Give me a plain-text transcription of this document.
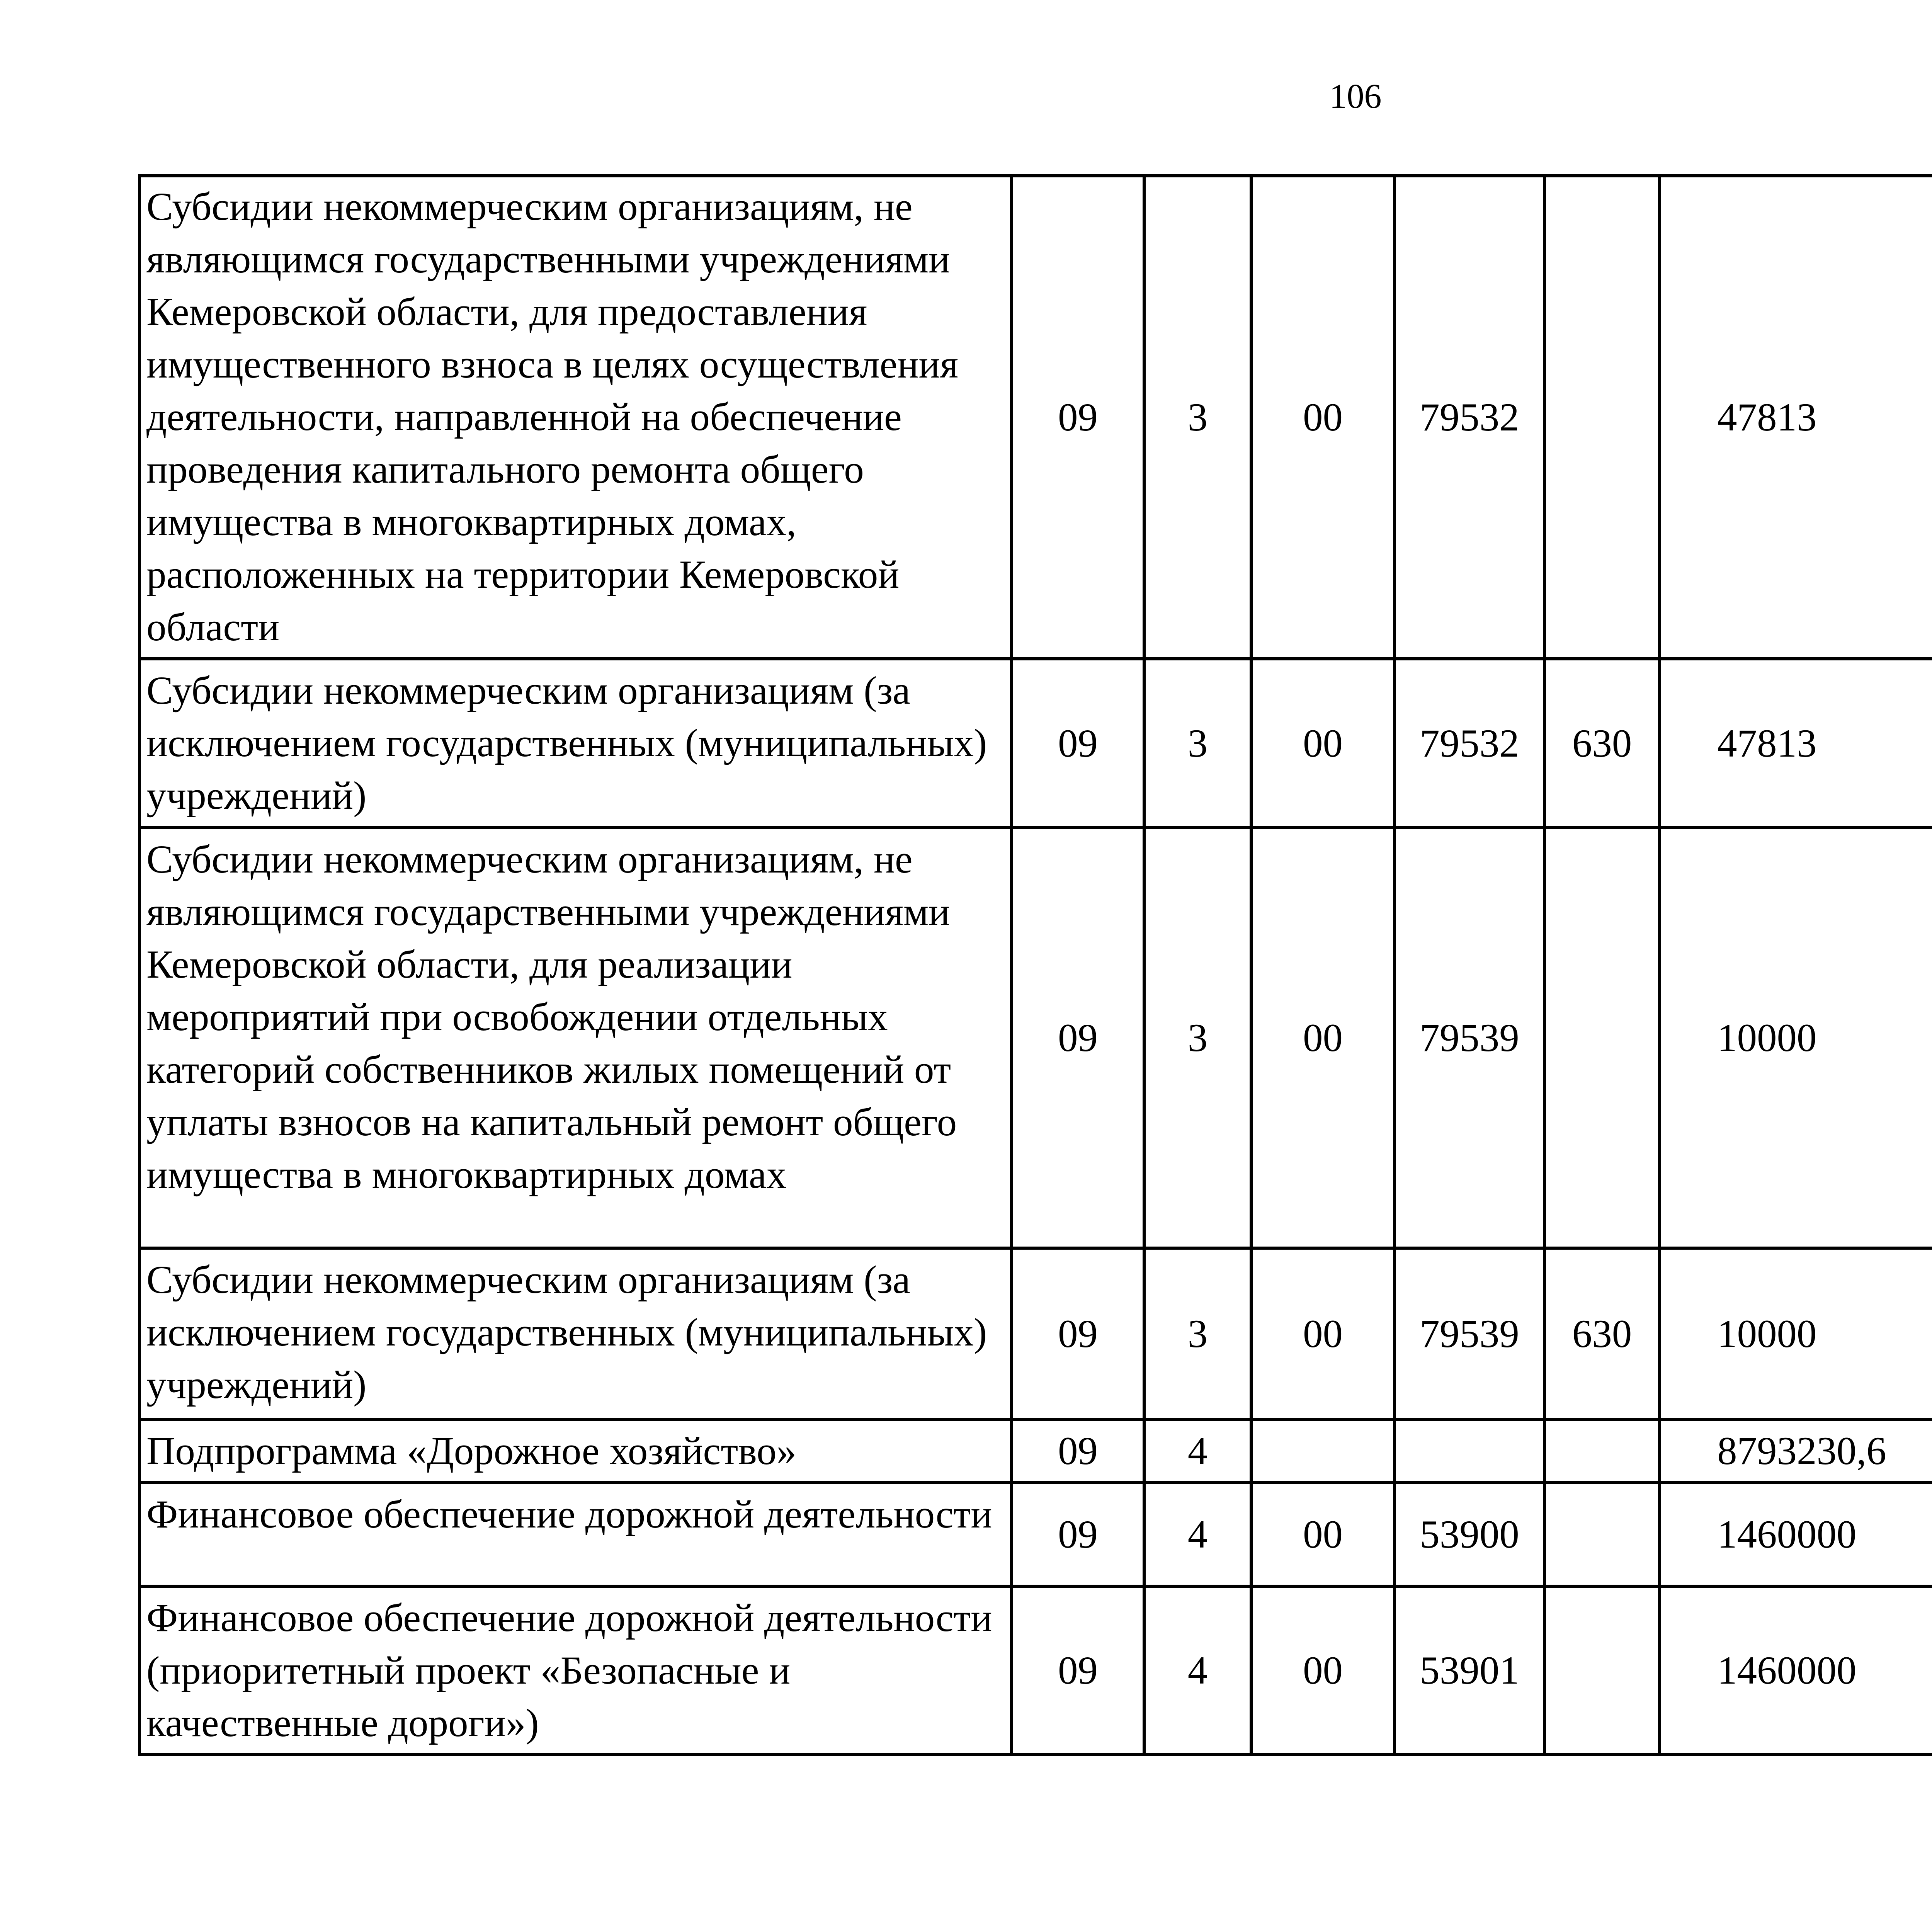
106
Субсидии некоммерческим организациям, не являющимся государственными учреждениями Кемеровской области, для предоставления имущественного взноса в целях осуществления деятельности, направленной на обеспечение проведения капитального ремонта общего имущества в многоквартирных домах, расположенных на территории Кемеровской области	09	3	00	79532		47813		
Субсидии некоммерческим организациям (за исключением государственных (муниципальных) учреждений)	09	3	00	79532	630	47813		
Субсидии некоммерческим организациям, не являющимся государственными учреждениями Кемеровской области, для реализации мероприятий при освобождении отдельных категорий собственников жилых помещений от уплаты взносов на капитальный ремонт общего имущества в многоквартирных домах	09	3	00	79539		10000		
Субсидии некоммерческим организациям (за исключением государственных (муниципальных) учреждений)	09	3	00	79539	630	10000		
Подпрограмма «Дорожное хозяйство»	09	4				8793230,6		
Финансовое обеспечение дорожной деятельности	09	4	00	53900		1460000		
Финансовое обеспечение дорожной деятельности (приоритетный проект «Безопасные и качественные дороги»)	09	4	00	53901		1460000		
